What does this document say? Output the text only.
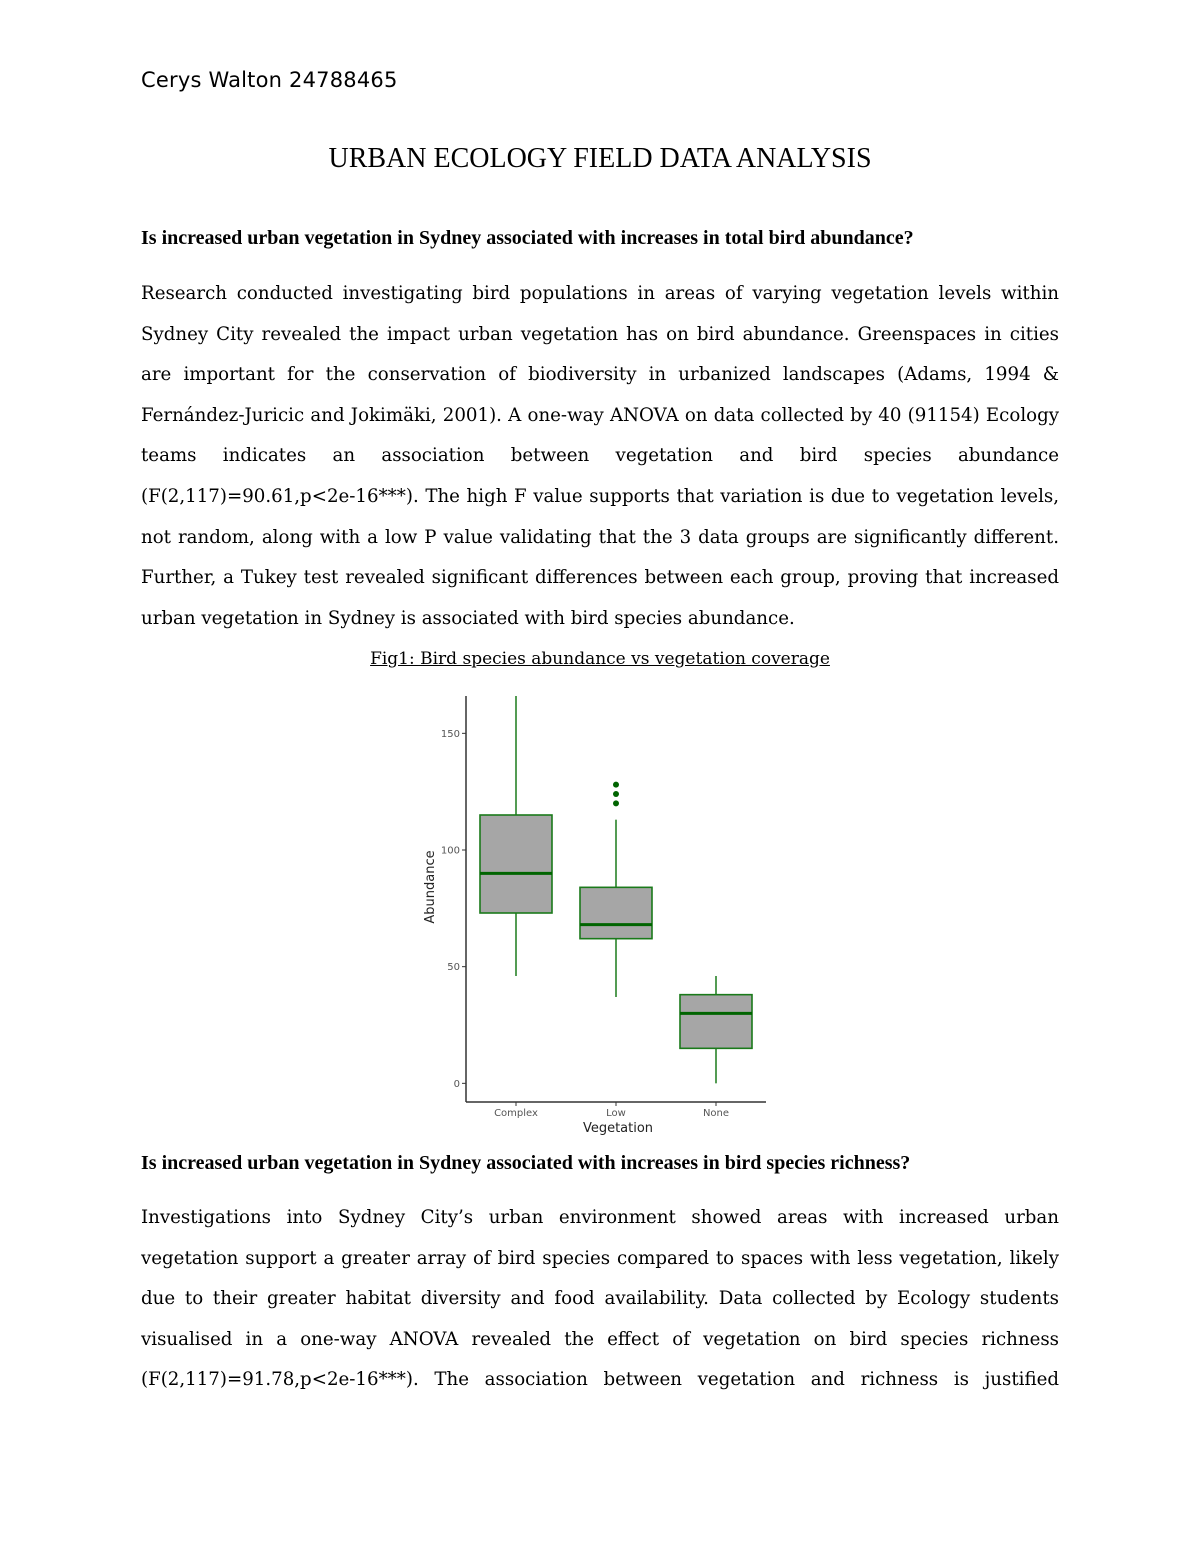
Cerys Walton 24788465
URBAN ECOLOGY FIELD DATA ANALYSIS
Is increased urban vegetation in Sydney associated with increases in total bird abundance?

Research conducted investigating bird populations in areas of varying vegetation levels within Sydney City revealed the impact urban vegetation has on bird abundance. Greenspaces in cities are important for the conservation of biodiversity in urbanized landscapes (Adams, 1994 & Fernández-Juricic and Jokimäki, 2001). A one-way ANOVA on data collected by 40 (91154) Ecology teams indicates an association between vegetation and bird species abundance (F(2,117)=90.61,p<2e-16***). The high F value supports that variation is due to vegetation levels, not random, along with a low P value validating that the 3 data groups are significantly different. Further, a Tukey test revealed significant differences between each group, proving that increased urban vegetation in Sydney is associated with bird species abundance.

Fig1: Bird species abundance vs vegetation coverage
0
50
100
150
Complex	Low	None
Vegetation
Abundance
Is increased urban vegetation in Sydney associated with increases in bird species richness?

Investigations into Sydney City’s urban environment showed areas with increased urban vegetation support a greater array of bird species compared to spaces with less vegetation, likely due to their greater habitat diversity and food availability. Data collected by Ecology students visualised in a one-way ANOVA revealed the effect of vegetation on bird species richness (F(2,117)=91.78,p<2e-16***). The association between vegetation and richness is justified
